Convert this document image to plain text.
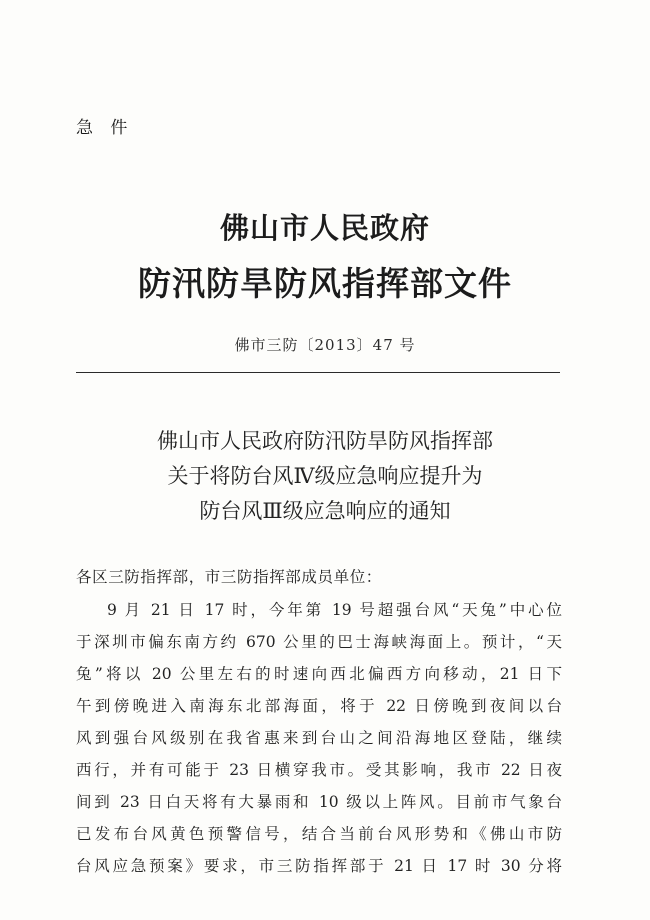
急 件
佛山市人民政府
防汛防旱防风指挥部文件
佛市三防〔2013〕47 号
佛山市人民政府防汛防旱防风指挥部
关于将防台风Ⅳ级应急响应提升为
防台风Ⅲ级应急响应的通知
各区三防指挥部，市三防指挥部成员单位：
9 月 21 日 17 时，今年第 19 号超强台风“天兔”中心位
于深圳市偏东南方约 670 公里的巴士海峡海面上。预计，“天
兔”将以 20 公里左右的时速向西北偏西方向移动，21 日下
午到傍晚进入南海东北部海面，将于 22 日傍晚到夜间以台
风到强台风级别在我省惠来到台山之间沿海地区登陆，继续
西行，并有可能于 23 日横穿我市。受其影响，我市 22 日夜
间到 23 日白天将有大暴雨和 10 级以上阵风。目前市气象台
已发布台风黄色预警信号，结合当前台风形势和《佛山市防
台风应急预案》要求，市三防指挥部于 21 日 17 时 30 分将
